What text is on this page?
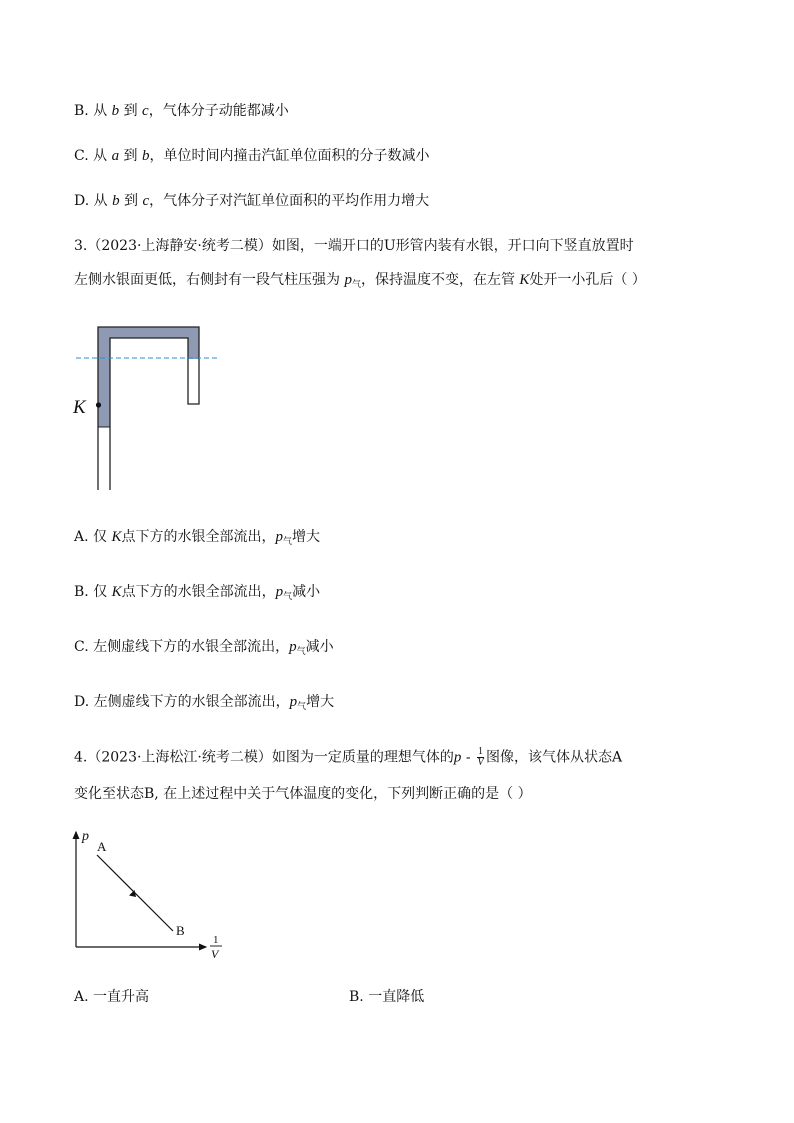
B. 从 b 到 c，气体分子动能都减小
C. 从 a 到 b，单位时间内撞击汽缸单位面积的分子数减小
D. 从 b 到 c，气体分子对汽缸单位面积的平均作用力增大
3.（2023·上海静安·统考二模）如图，一端开口的U形管内装有水银，开口向下竖直放置时
左侧水银面更低，右侧封有一段气柱压强为 $p_气$，保持温度不变，在左管 K处开一小孔后（ ）
K
A. 仅 K点下方的水银全部流出，$p_气$增大
B. 仅 K点下方的水银全部流出，$p_气$减小
C. 左侧虚线下方的水银全部流出，$p_气$减小
D. 左侧虚线下方的水银全部流出，$p_气$增大
4.（2023·上海松江·统考二模）如图为一定质量的理想气体的p - $\frac{1}{V}$ 图像，该气体从状态A
变化至状态B, 在上述过程中关于气体温度的变化，下列判断正确的是（ ）
p
1
V
A
B
A. 一直升高	B. 一直降低
